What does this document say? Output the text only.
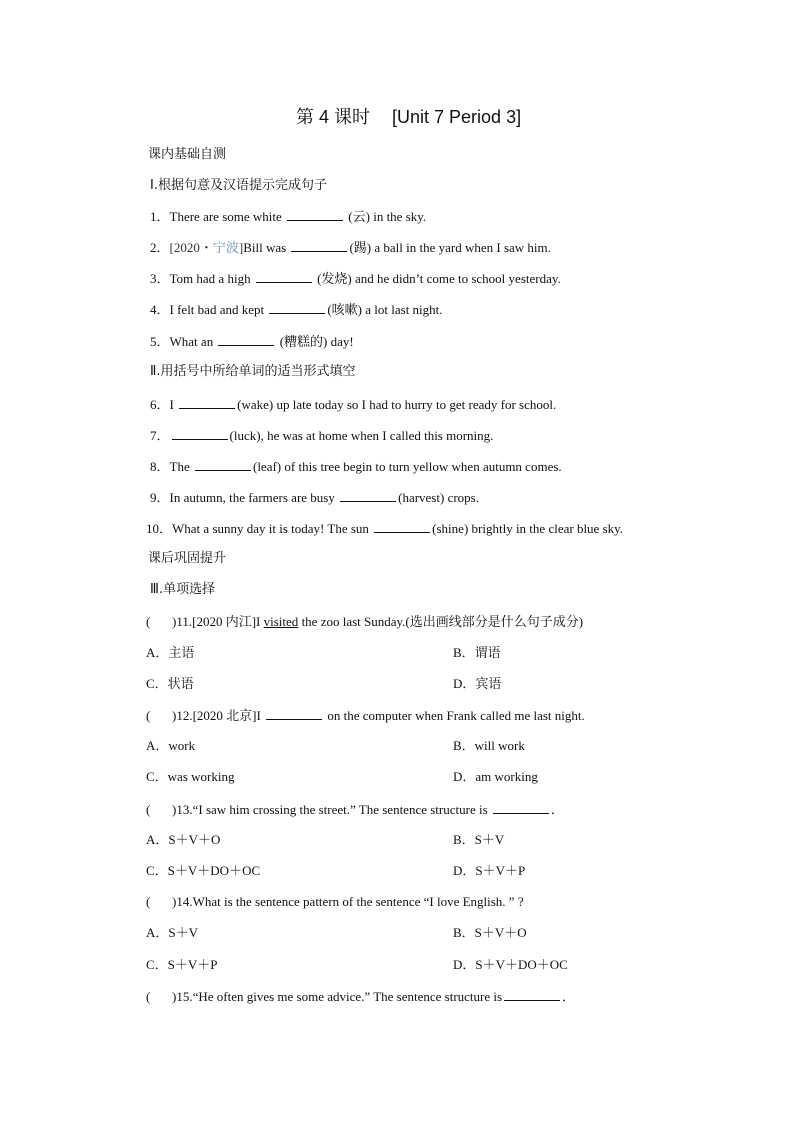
第 4 课时 [Unit 7 Period 3]
课内基础自测
Ⅰ.根据句意及汉语提示完成句子
1．There are some white	(云) in the sky.
2．[2020・宁波]Bill was	(踢) a ball in the yard when I saw him.
3．Tom had a high	(发烧) and he didn’t come to school yesterday.
4．I felt bad and kept	(咳嗽) a lot last night.
5．What an	(糟糕的) day!
Ⅱ.用括号中所给单词的适当形式填空
6．I	(wake) up late today so I had to hurry to get ready for school.
7．	(luck), he was at home when I called this morning.
8．The	(leaf) of this tree begin to turn yellow when autumn comes.
9．In autumn, the farmers are busy	(harvest) crops.
10．What a sunny day it is today! The sun	(shine) brightly in the clear blue sky.
课后巩固提升
Ⅲ.单项选择
( )11.[2020 内江]I visited the zoo last Sunday.(选出画线部分是什么句子成分)
A．主语	B．谓语
C．状语	D．宾语
( )12.[2020 北京]I	on the computer when Frank called me last night.
A．work	B．will work
C．was working	D．am working
( )13.“I saw him crossing the street.” The sentence structure is	．
A．S＋V＋O	B．S＋V
C．S＋V＋DO＋OC	D．S＋V＋P
( )14.What is the sentence pattern of the sentence “I love English. ” ?
A．S＋V	B．S＋V＋O
C．S＋V＋P	D．S＋V＋DO＋OC
( )15.“He often gives me some advice.” The sentence structure is	．
